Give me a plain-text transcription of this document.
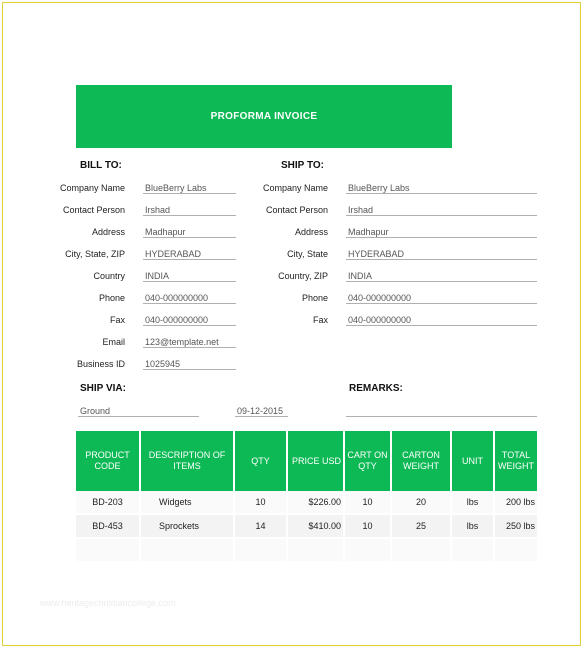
PROFORMA INVOICE
BILL TO:	SHIP TO:
Company Name BlueBerry Labs
Contact Person Irshad
Address Madhapur
City, State, ZIP HYDERABAD
Country INDIA
Phone 040-000000000
Fax 040-000000000
Email 123@template.net
Business ID 1025945
Company Name BlueBerry Labs
Contact Person Irshad
Address Madhapur
City, State HYDERABAD
Country, ZIP INDIA
Phone 040-000000000
Fax 040-000000000
SHIP VIA:	REMARKS:
Ground	09-12-2015
PRODUCT CODE	DESCRIPTION OF ITEMS	QTY	PRICE USD	CART ON QTY	CARTON WEIGHT	UNIT	TOTAL WEIGHT
BD-203	Widgets	10	$226.00	10	20	lbs	200 lbs
BD-453	Sprockets	14	$410.00	10	25	lbs	250 lbs

www.heritagechristiancollege.com
